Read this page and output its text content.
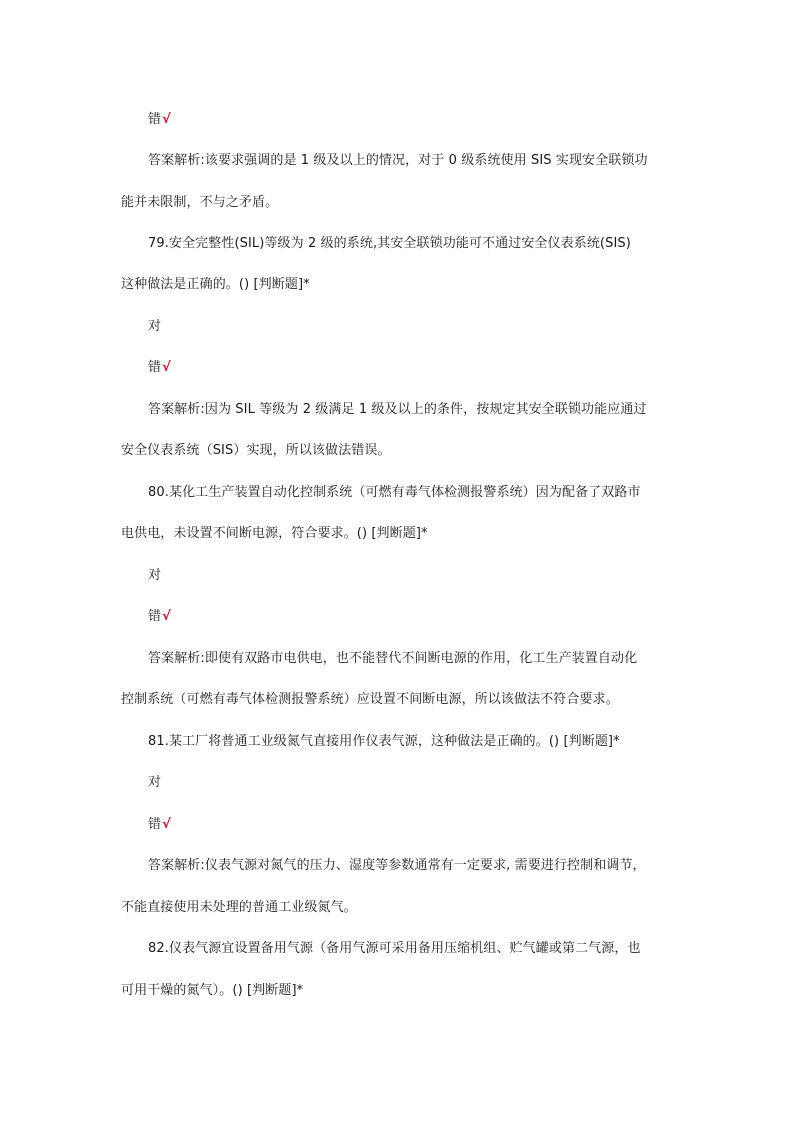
错√
答案解析:该要求强调的是 1 级及以上的情况，对于 0 级系统使用 SIS 实现安全联锁功
能并未限制，不与之矛盾。
79.安全完整性(SIL)等级为 2 级的系统,其安全联锁功能可不通过安全仪表系统(SIS)
这种做法是正确的。() [判断题]*
对
错√
答案解析:因为 SIL 等级为 2 级满足 1 级及以上的条件，按规定其安全联锁功能应通过
安全仪表系统（SIS）实现，所以该做法错误。
80.某化工生产装置自动化控制系统（可燃有毒气体检测报警系统）因为配备了双路市
电供电，未设置不间断电源，符合要求。() [判断题]*
对
错√
答案解析:即使有双路市电供电，也不能替代不间断电源的作用，化工生产装置自动化
控制系统（可燃有毒气体检测报警系统）应设置不间断电源，所以该做法不符合要求。
81.某工厂将普通工业级氮气直接用作仪表气源，这种做法是正确的。() [判断题]*
对
错√
答案解析:仪表气源对氮气的压力、湿度等参数通常有一定要求, 需要进行控制和调节，
不能直接使用未处理的普通工业级氮气。
82.仪表气源宜设置备用气源（备用气源可采用备用压缩机组、贮气罐或第二气源，也
可用干燥的氮气）。() [判断题]*
